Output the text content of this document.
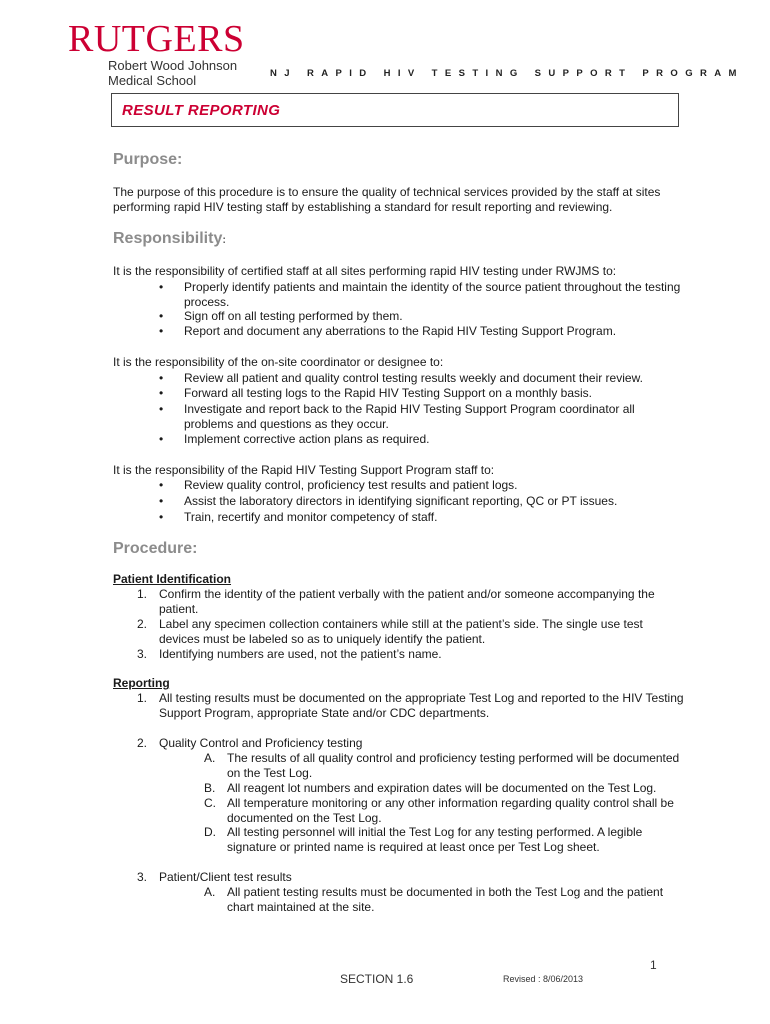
RUTGERS
Robert Wood Johnson
Medical School	NJ RAPID HIV TESTING SUPPORT PROGRAM
RESULT REPORTING
Purpose:
The purpose of this procedure is to ensure the quality of technical services provided by the staff at sites performing rapid HIV testing staff by establishing a standard for result reporting and reviewing.
Responsibility:
It is the responsibility of certified staff at all sites performing rapid HIV testing under RWJMS to:
• Properly identify patients and maintain the identity of the source patient throughout the testing process.
• Sign off on all testing performed by them.
• Report and document any aberrations to the Rapid HIV Testing Support Program.
It is the responsibility of the on-site coordinator or designee to:
• Review all patient and quality control testing results weekly and document their review.
• Forward all testing logs to the Rapid HIV Testing Support on a monthly basis.
• Investigate and report back to the Rapid HIV Testing Support Program coordinator all problems and questions as they occur.
• Implement corrective action plans as required.
It is the responsibility of the Rapid HIV Testing Support Program staff to:
• Review quality control, proficiency test results and patient logs.
• Assist the laboratory directors in identifying significant reporting, QC or PT issues.
• Train, recertify and monitor competency of staff.
Procedure:
Patient Identification
1. Confirm the identity of the patient verbally with the patient and/or someone accompanying the patient.
2. Label any specimen collection containers while still at the patient’s side. The single use test devices must be labeled so as to uniquely identify the patient.
3. Identifying numbers are used, not the patient’s name.
Reporting
1. All testing results must be documented on the appropriate Test Log and reported to the HIV Testing Support Program, appropriate State and/or CDC departments.
2. Quality Control and Proficiency testing
A. The results of all quality control and proficiency testing performed will be documented on the Test Log.
B. All reagent lot numbers and expiration dates will be documented on the Test Log.
C. All temperature monitoring or any other information regarding quality control shall be documented on the Test Log.
D. All testing personnel will initial the Test Log for any testing performed. A legible signature or printed name is required at least once per Test Log sheet.
3. Patient/Client test results
A. All patient testing results must be documented in both the Test Log and the patient chart maintained at the site.
1
SECTION 1.6	Revised : 8/06/2013
